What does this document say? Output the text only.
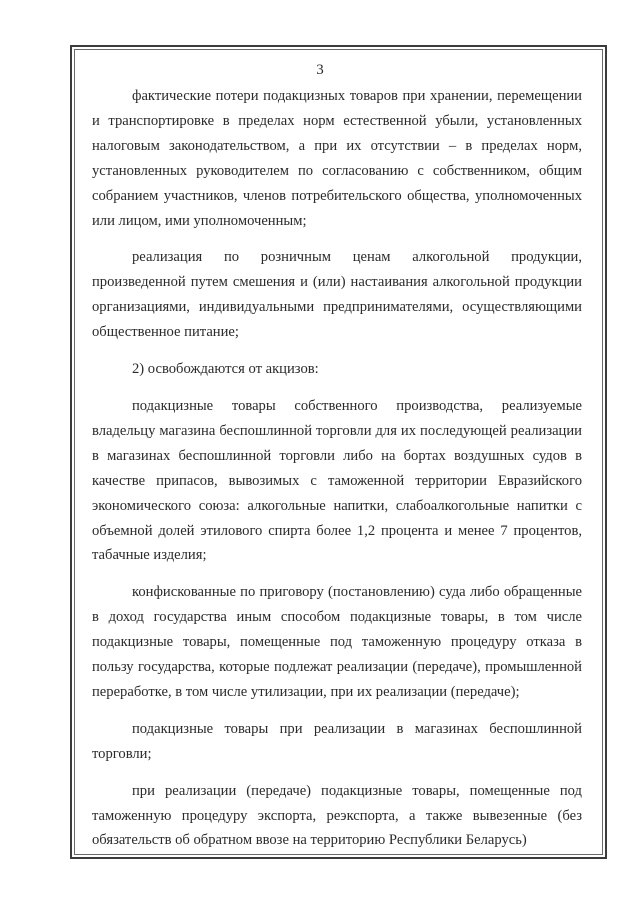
3

фактические потери подакцизных товаров при хранении, перемещении и транспортировке в пределах норм естественной убыли, установленных налоговым законодательством, а при их отсутствии – в пределах норм, установленных руководителем по согласованию с собственником, общим собранием участников, членов потребительского общества, уполномоченных или лицом, ими уполномоченным;

реализация по розничным ценам алкогольной продукции, произведенной путем смешения и (или) настаивания алкогольной продукции организациями, индивидуальными предпринимателями, осуществляющими общественное питание;

2) освобождаются от акцизов:

подакцизные товары собственного производства, реализуемые владельцу магазина беспошлинной торговли для их последующей реализации в магазинах беспошлинной торговли либо на бортах воздушных судов в качестве припасов, вывозимых с таможенной территории Евразийского экономического союза: алкогольные напитки, слабоалкогольные напитки с объемной долей этилового спирта более 1,2 процента и менее 7 процентов, табачные изделия;

конфискованные по приговору (постановлению) суда либо обращенные в доход государства иным способом подакцизные товары, в том числе подакцизные товары, помещенные под таможенную процедуру отказа в пользу государства, которые подлежат реализации (передаче), промышленной переработке, в том числе утилизации, при их реализации (передаче);

подакцизные товары при реализации в магазинах беспошлинной торговли;

при реализации (передаче) подакцизные товары, помещенные под таможенную процедуру экспорта, реэкспорта, а также вывезенные (без обязательств об обратном ввозе на территорию Республики Беларусь)
